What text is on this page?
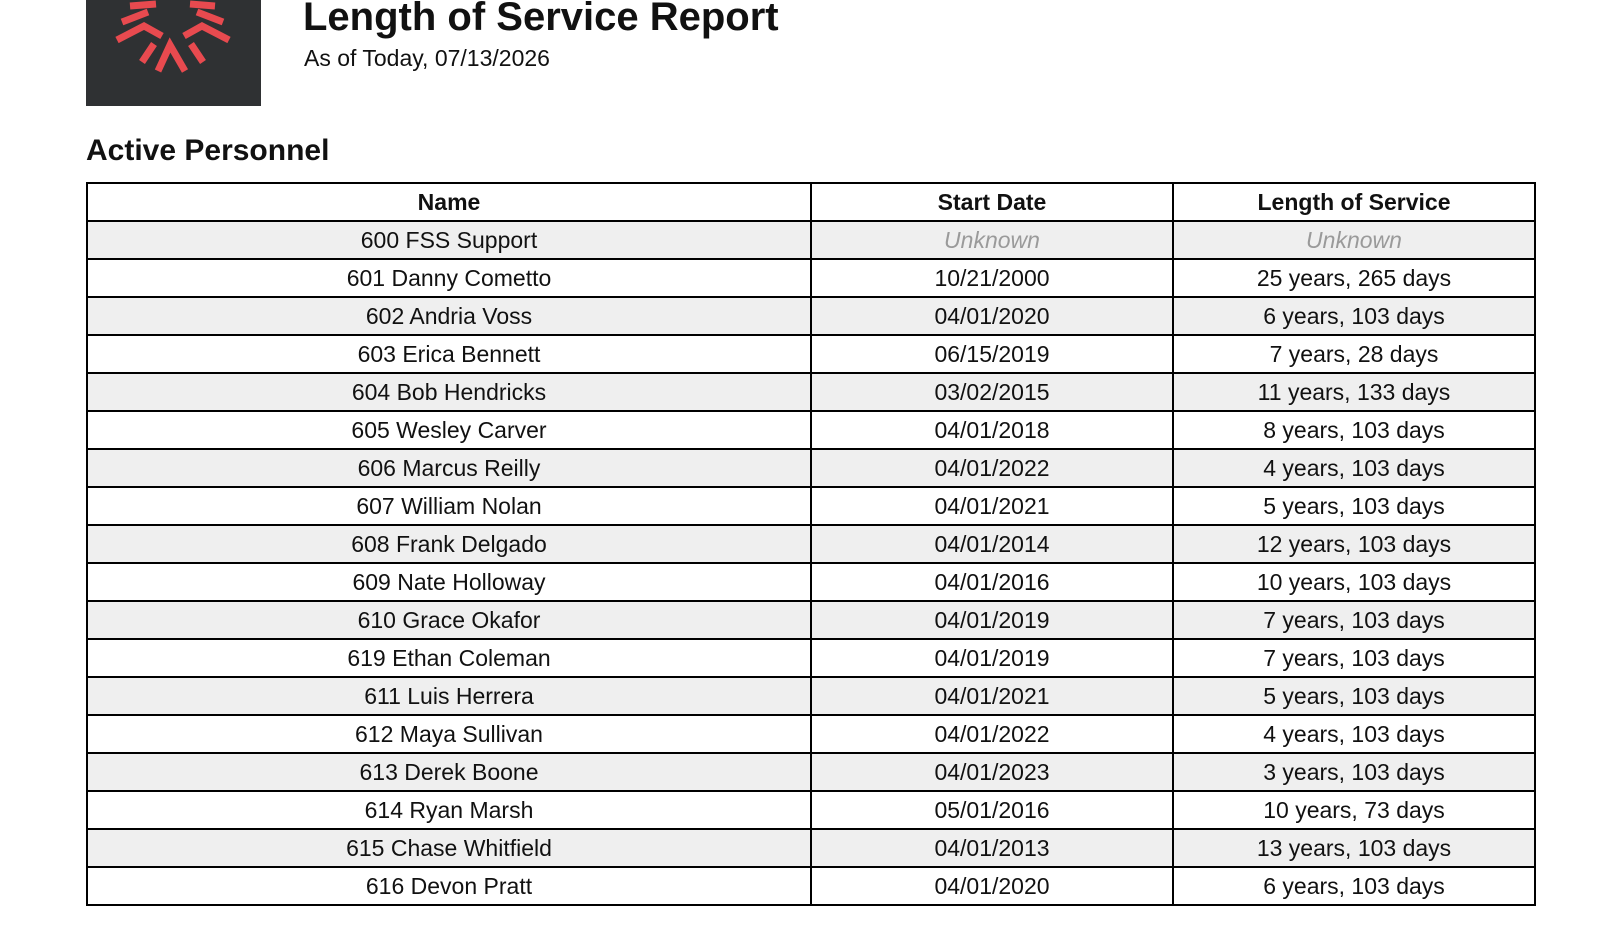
Length of Service Report
As of Today, 07/13/2026
Active Personnel
Name	Start Date	Length of Service
600 FSS Support	Unknown	Unknown
601 Danny Cometto	10/21/2000	25 years, 265 days
602 Andria Voss	04/01/2020	6 years, 103 days
603 Erica Bennett	06/15/2019	7 years, 28 days
604 Bob Hendricks	03/02/2015	11 years, 133 days
605 Wesley Carver	04/01/2018	8 years, 103 days
606 Marcus Reilly	04/01/2022	4 years, 103 days
607 William Nolan	04/01/2021	5 years, 103 days
608 Frank Delgado	04/01/2014	12 years, 103 days
609 Nate Holloway	04/01/2016	10 years, 103 days
610 Grace Okafor	04/01/2019	7 years, 103 days
619 Ethan Coleman	04/01/2019	7 years, 103 days
611 Luis Herrera	04/01/2021	5 years, 103 days
612 Maya Sullivan	04/01/2022	4 years, 103 days
613 Derek Boone	04/01/2023	3 years, 103 days
614 Ryan Marsh	05/01/2016	10 years, 73 days
615 Chase Whitfield	04/01/2013	13 years, 103 days
616 Devon Pratt	04/01/2020	6 years, 103 days
